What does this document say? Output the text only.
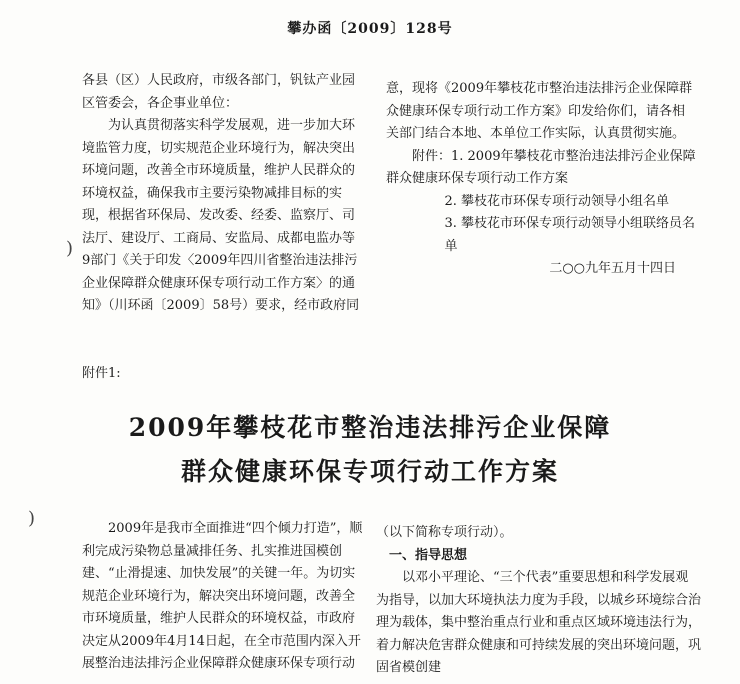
攀办函〔2009〕128号

各县（区）人民政府，市级各部门，钒钛产业园区管委会，各企事业单位：

为认真贯彻落实科学发展观，进一步加大环境监管力度，切实规范企业环境行为，解决突出环境问题，改善全市环境质量，维护人民群众的环境权益，确保我市主要污染物减排目标的实现，根据省环保局、发改委、经委、监察厅、司法厅、建设厅、工商局、安监局、成都电监办等9部门《关于印发〈2009年四川省整治违法排污企业保障群众健康环保专项行动工作方案〉的通知》（川环函〔2009〕58号）要求，经市政府同

意，现将《2009年攀枝花市整治违法排污企业保障群众健康环保专项行动工作方案》印发给你们，请各相关部门结合本地、本单位工作实际，认真贯彻实施。

附件：1. 2009年攀枝花市整治违法排污企业保障群众健康环保专项行动工作方案

2. 攀枝花市环保专项行动领导小组名单

3. 攀枝花市环保专项行动领导小组联络员名单

二○○九年五月十四日

)
)
附件1:
2009年攀枝花市整治违法排污企业保障
群众健康环保专项行动工作方案

2009年是我市全面推进“四个倾力打造”，顺利完成污染物总量减排任务、扎实推进国模创建、“止滑提速、加快发展”的关键一年。为切实规范企业环境行为，解决突出环境问题，改善全市环境质量，维护人民群众的环境权益，市政府决定从2009年4月14日起，在全市范围内深入开展整治违法排污企业保障群众健康环保专项行动

（以下简称专项行动）。

一、指导思想

以邓小平理论、“三个代表”重要思想和科学发展观为指导，以加大环境执法力度为手段，以城乡环境综合治理为载体，集中整治重点行业和重点区域环境违法行为，着力解决危害群众健康和可持续发展的突出环境问题，巩固省模创建
